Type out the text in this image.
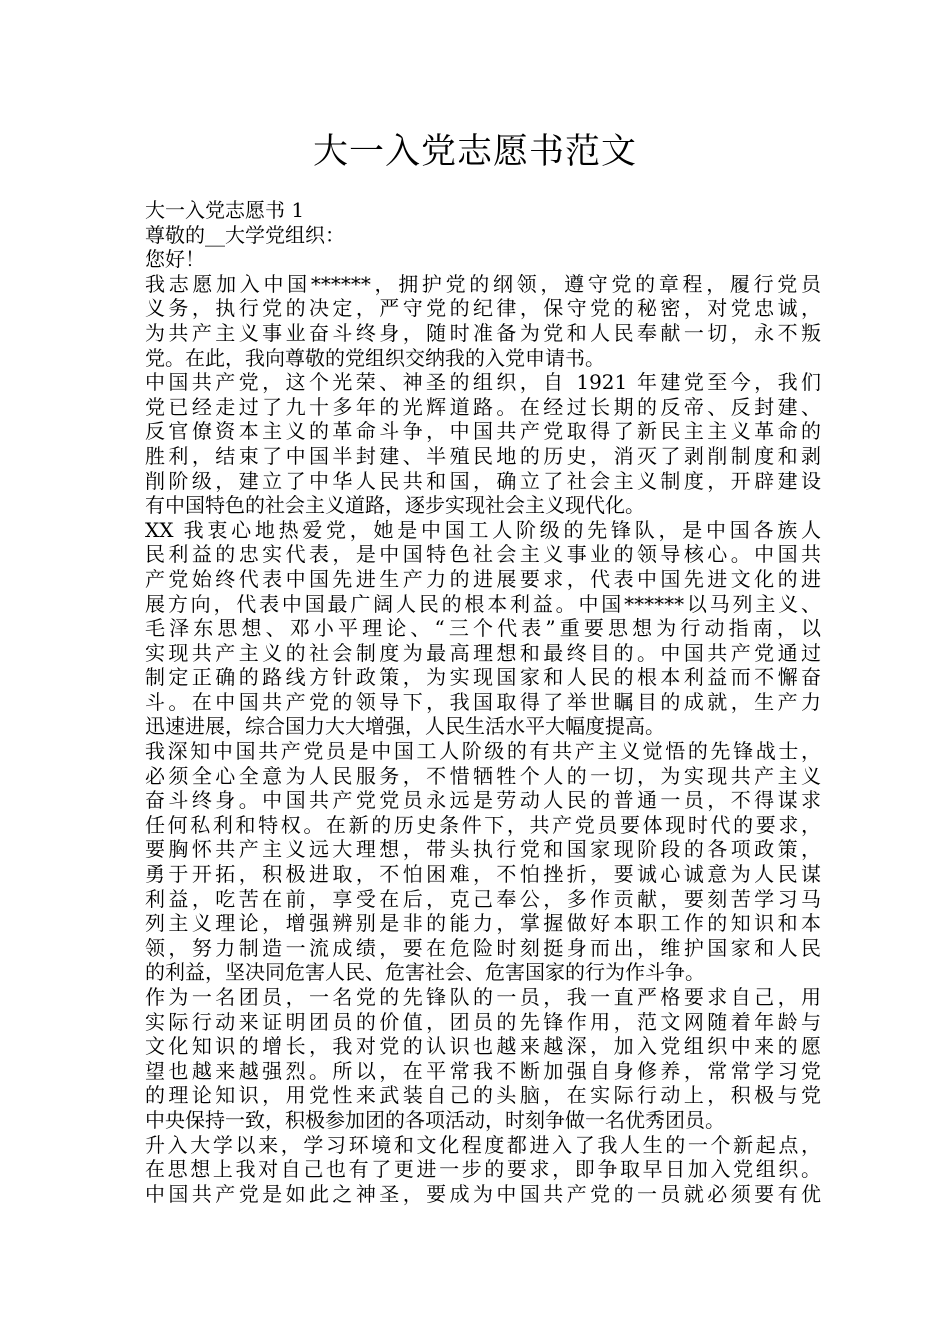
大一入党志愿书范文
大一入党志愿书 1
尊敬的__大学党组织：
您好！
我志愿加入中国******，拥护党的纲领，遵守党的章程，履行党员
义务，执行党的决定，严守党的纪律，保守党的秘密，对党忠诚，
为共产主义事业奋斗终身，随时准备为党和人民奉献一切，永不叛
党。在此，我向尊敬的党组织交纳我的入党申请书。
中国共产党，这个光荣、神圣的组织，自 1921 年建党至今，我们
党已经走过了九十多年的光辉道路。在经过长期的反帝、反封建、
反官僚资本主义的革命斗争，中国共产党取得了新民主主义革命的
胜利，结束了中国半封建、半殖民地的历史，消灭了剥削制度和剥
削阶级，建立了中华人民共和国，确立了社会主义制度，开辟建设
有中国特色的社会主义道路，逐步实现社会主义现代化。
XX 我衷心地热爱党，她是中国工人阶级的先锋队，是中国各族人
民利益的忠实代表，是中国特色社会主义事业的领导核心。中国共
产党始终代表中国先进生产力的进展要求，代表中国先进文化的进
展方向，代表中国最广阔人民的根本利益。中国******以马列主义、
毛泽东思想、邓小平理论、“三个代表”重要思想为行动指南，以
实现共产主义的社会制度为最高理想和最终目的。中国共产党通过
制定正确的路线方针政策，为实现国家和人民的根本利益而不懈奋
斗。在中国共产党的领导下，我国取得了举世瞩目的成就，生产力
迅速进展，综合国力大大增强，人民生活水平大幅度提高。
我深知中国共产党员是中国工人阶级的有共产主义觉悟的先锋战士，
必须全心全意为人民服务，不惜牺牲个人的一切，为实现共产主义
奋斗终身。中国共产党党员永远是劳动人民的普通一员，不得谋求
任何私利和特权。在新的历史条件下，共产党员要体现时代的要求，
要胸怀共产主义远大理想，带头执行党和国家现阶段的各项政策，
勇于开拓，积极进取，不怕困难，不怕挫折，要诚心诚意为人民谋
利益，吃苦在前，享受在后，克己奉公，多作贡献，要刻苦学习马
列主义理论，增强辨别是非的能力，掌握做好本职工作的知识和本
领，努力制造一流成绩，要在危险时刻挺身而出，维护国家和人民
的利益，坚决同危害人民、危害社会、危害国家的行为作斗争。
作为一名团员，一名党的先锋队的一员，我一直严格要求自己，用
实际行动来证明团员的价值，团员的先锋作用，范文网随着年龄与
文化知识的增长，我对党的认识也越来越深，加入党组织中来的愿
望也越来越强烈。所以，在平常我不断加强自身修养，常常学习党
的理论知识，用党性来武装自己的头脑，在实际行动上，积极与党
中央保持一致，积极参加团的各项活动，时刻争做一名优秀团员。
升入大学以来，学习环境和文化程度都进入了我人生的一个新起点，
在思想上我对自己也有了更进一步的要求，即争取早日加入党组织。
中国共产党是如此之神圣，要成为中国共产党的一员就必须要有优
